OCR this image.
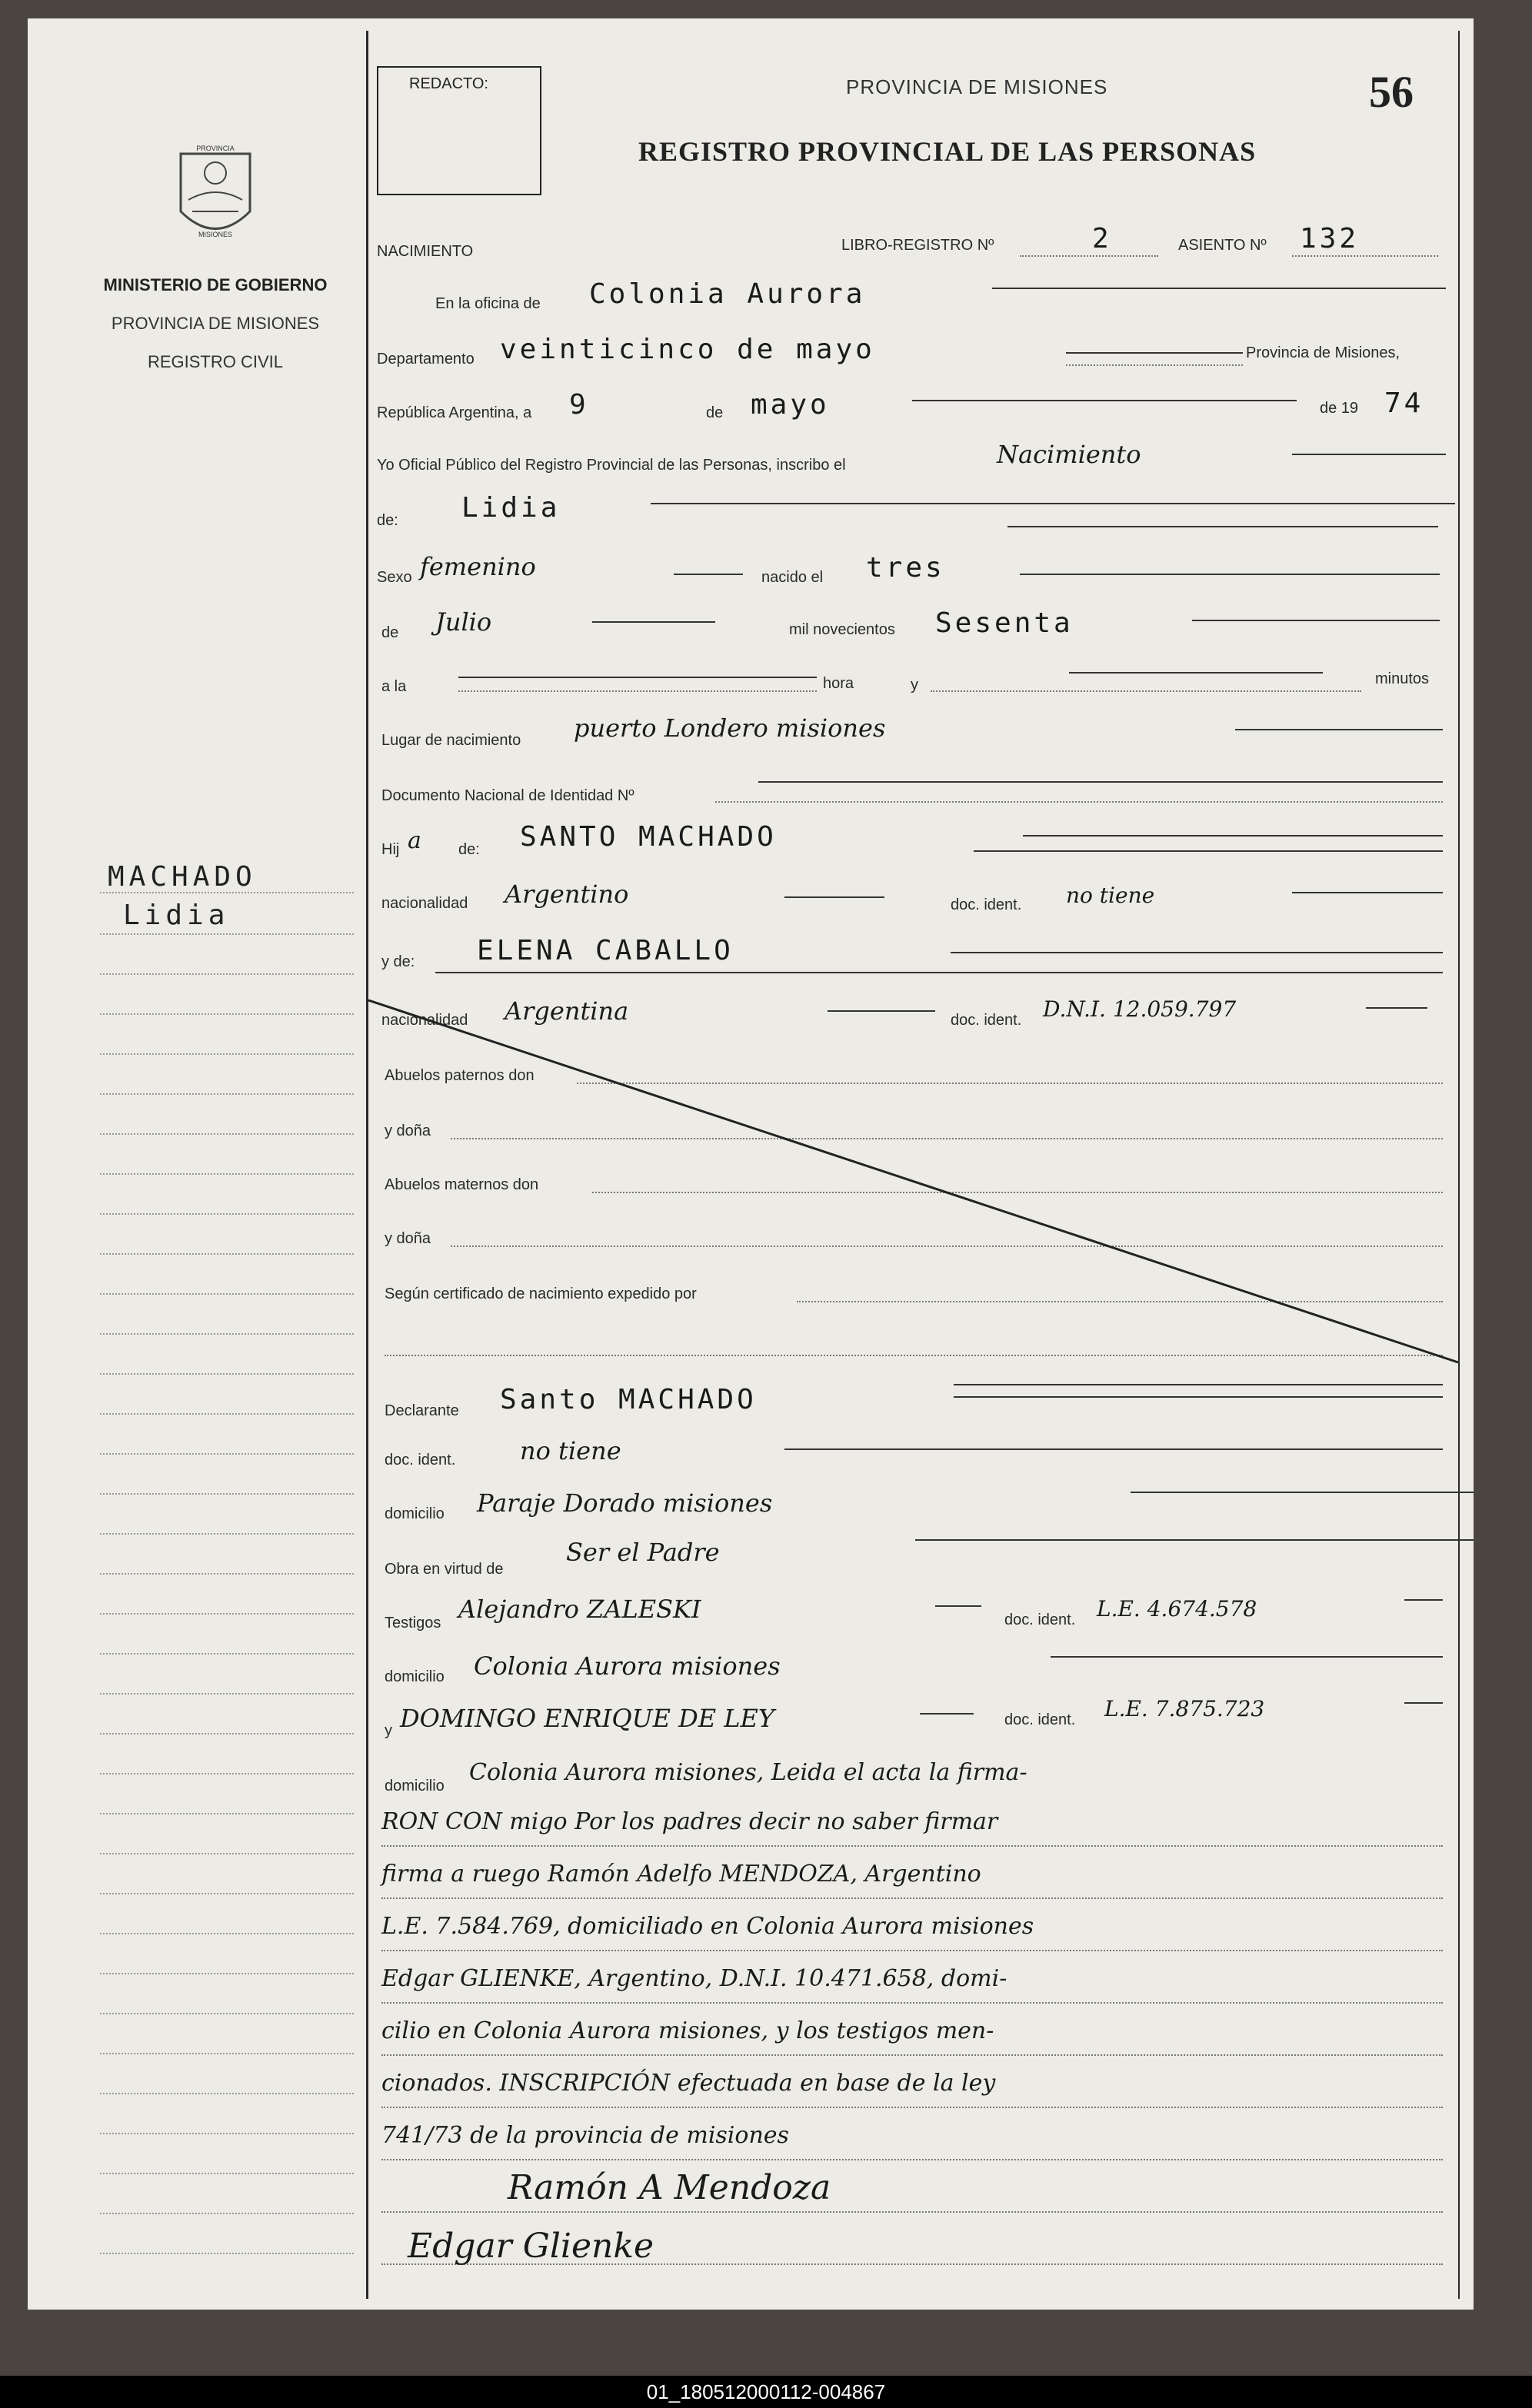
PROVINCIA
MISIONES
MINISTERIO DE GOBIERNO
PROVINCIA DE MISIONES
REGISTRO CIVIL
MACHADO
Lidia
REDACTO:	PROVINCIA DE MISIONES
REGISTRO PROVINCIAL DE LAS PERSONAS
56
NACIMIENTO	LIBRO-REGISTRO Nº	2	ASIENTO Nº 132
En la oficina de Colonia Aurora
Departamento veinticinco de mayo	Provincia de Misiones,
República Argentina, a 9	de mayo	de 19 74
Yo Oficial Público del Registro Provincial de las Personas, inscribo el	Nacimiento
de: Lidia
Sexo femenino	nacido el tres
de Julio	mil novecientos Sesenta
a la	hora	y	minutos
Lugar de nacimiento puerto Londero misiones
Documento Nacional de Identidad Nº
Hij a de: SANTO MACHADO
nacionalidad Argentino	doc. ident. no tiene
y de: ELENA CABALLO
nacionalidad Argentina	doc. ident. D.N.I. 12.059.797
Abuelos paternos don
y doña
Abuelos maternos don
y doña
Según certificado de nacimiento expedido por
Declarante Santo MACHADO
doc. ident.	no tiene
domicilio Paraje Dorado misiones
Obra en virtud de
Ser el Padre
Testigos Alejandro ZALESKI	doc. ident. L.E. 4.674.578
domicilio Colonia Aurora misiones
y DOMINGO ENRIQUE DE LEY	doc. ident. L.E. 7.875.723
domicilio Colonia Aurora misiones, Leida el acta la firma-
RON CON migo Por los padres decir no saber firmar
firma a ruego Ramón Adelfo MENDOZA, Argentino
L.E. 7.584.769, domiciliado en Colonia Aurora misiones
Edgar GLIENKE, Argentino, D.N.I. 10.471.658, domi-
cilio en Colonia Aurora misiones, y los testigos men-
cionados. INSCRIPCIÓN efectuada en base de la ley
741/73 de la provincia de misiones
Ramón A Mendoza
Edgar Glienke
01_180512000112-004867
